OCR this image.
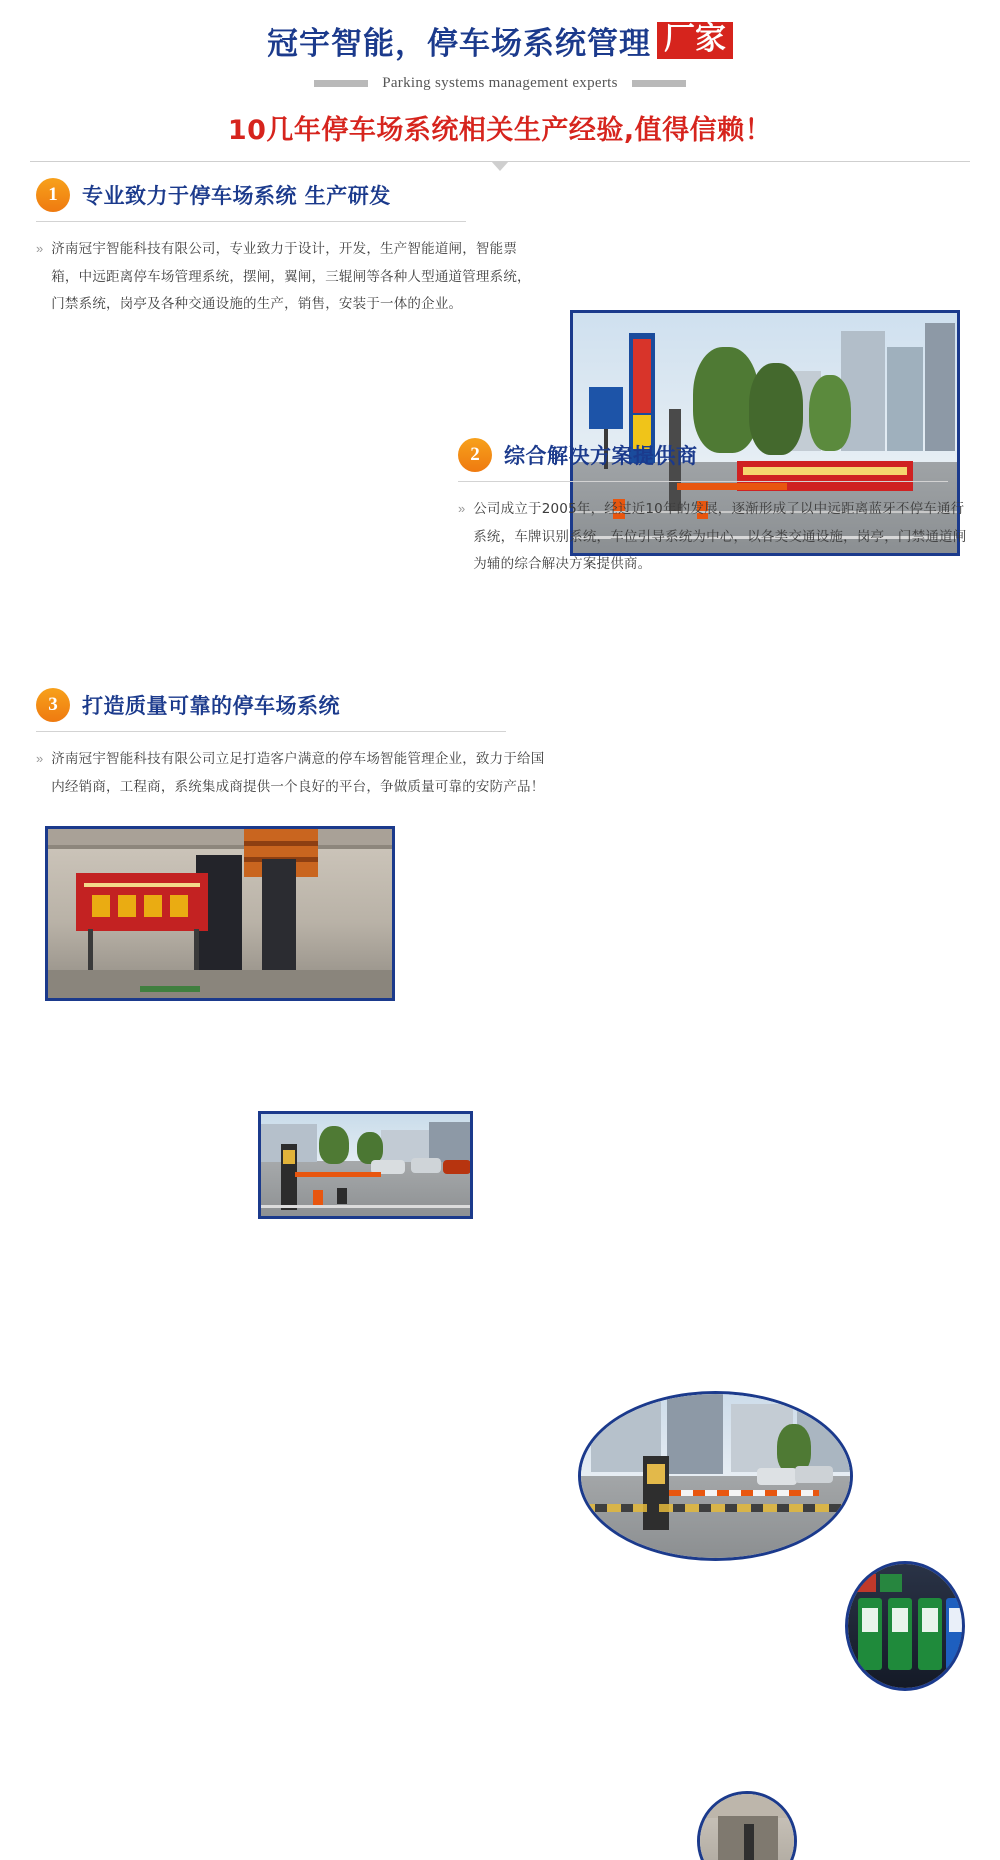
冠宇智能，停车场系统管理 厂家
Parking systems management experts
10几年停车场系统相关生产经验,值得信赖！
1	专业致力于停车场系统 生产研发
» 济南冠宇智能科技有限公司，专业致力于设计，开发，生产智能道闸，智能票箱，中远距离停车场管理系统，摆闸，翼闸，三辊闸等各种人型通道管理系统，门禁系统，岗亭及各种交通设施的生产，销售，安装于一体的企业。
2	综合解决方案提供商
» 公司成立于2005年，经过近10年的发展，逐渐形成了以中远距离蓝牙不停车通行系统，车牌识别系统，车位引导系统为中心，以各类交通设施，岗亭，门禁通道闸为辅的综合解决方案提供商。
3	打造质量可靠的停车场系统
» 济南冠宇智能科技有限公司立足打造客户满意的停车场智能管理企业，致力于给国内经销商，工程商，系统集成商提供一个良好的平台，争做质量可靠的安防产品！
